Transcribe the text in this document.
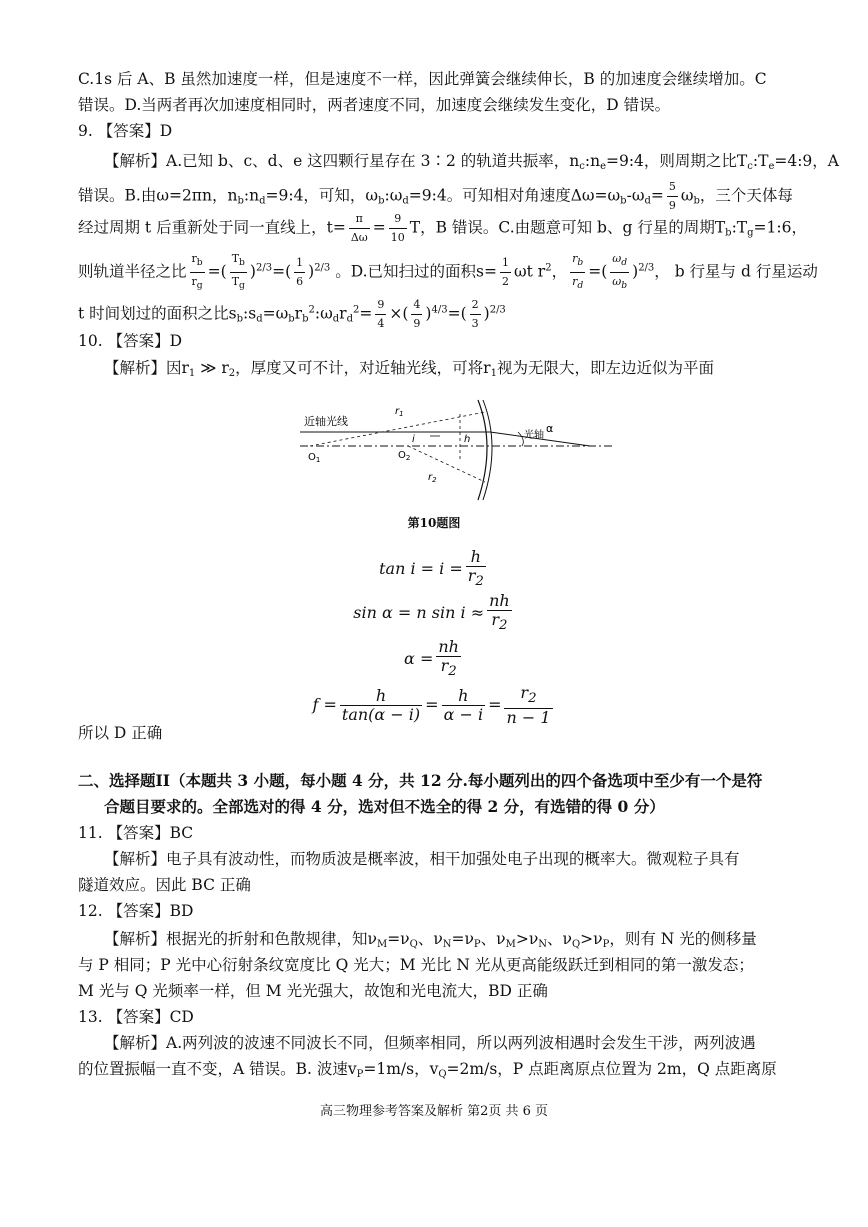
C.1s 后 A、B 虽然加速度一样，但是速度不一样，因此弹簧会继续伸长，B 的加速度会继续增加。C
错误。D.当两者再次加速度相同时，两者速度不同，加速度会继续发生变化，D 错误。
9. 【答案】D
【解析】A.已知 b、c、d、e 这四颗行星存在 3∶2 的轨道共振率，$n_c:n_e=9:4$，则周期之比$T_c:T_e=4:9$，A
错误。B.由ω=2πn，$n_b:n_d=9:4$，可知，$\omega_b:\omega_d=9:4$。可知相对角速度$\Delta\omega=\omega_b-\omega_d= \frac{5}{9} \omega_b$，三个天体每
经过周期 t 后重新处于同一直线上，$t= \frac{\pi}{\Delta\omega} = \frac{9}{10}$ T，B 错误。C.由题意可知 b、g 行星的周期$T_b:T_g=1:6$，
则轨道半径之比 $\frac{r_b}{r_g}$ =( $\frac{T_b}{T_g} )^{2/3}=( \frac{1}{6} )^{2/3}$ 。D.已知扫过的面积$s= \frac{1}{2}$ ωt $r^2$， $\frac{r_b}{r_d}$ =( $\frac{\omega_d}{\omega_b} )^{2/3}$， b 行星与 d 行星运动
t 时间划过的面积之比$s_b:s_d=\omega_br_b^2:\omega_dr_d^2= \frac{9}{4}$ ×( $\frac{4}{9} )^{4/3}=( \frac{2}{3} )^{2/3}$
10. 【答案】D
【解析】因$r_1$ ≫ $r_2$，厚度又可不计，对近轴光线，可将$r_1$视为无限大，即左边近似为平面
近轴光线
$r_1$
$r_2$
$O_1$	$O_2$
i	h	光轴
α
第10题图
$\tan i = i = \frac{h}{r_2}$
sin α = n $\sin i \approx \frac{nh}{r_2}$
$\alpha = \frac{nh}{r_2}$
$f = \frac{h}{\tan(\alpha - i)} = \frac{h}{\alpha - i} = \frac{r_2}{n - 1}$
所以 D 正确
二、选择题II（本题共 3 小题，每小题 4 分，共 12 分.每小题列出的四个备选项中至少有一个是符
合题目要求的。全部选对的得 4 分，选对但不选全的得 2 分，有选错的得 0 分）
11. 【答案】BC
【解析】电子具有波动性，而物质波是概率波，相干加强处电子出现的概率大。微观粒子具有
隧道效应。因此 BC 正确
12. 【答案】BD
【解析】根据光的折射和色散规律，知$\nu_M=\nu_Q$、$\nu_N=\nu_P$、$\nu_M>\nu_N$、$\nu_Q>\nu_P$，则有 N 光的侧移量
与 P 相同；P 光中心衍射条纹宽度比 Q 光大；M 光比 N 光从更高能级跃迁到相同的第一激发态；
M 光与 Q 光频率一样，但 M 光光强大，故饱和光电流大，BD 正确
13. 【答案】CD
【解析】A.两列波的波速不同波长不同，但频率相同，所以两列波相遇时会发生干涉，两列波遇
的位置振幅一直不变，A 错误。B. 波速$v_P=1m/s$，$v_Q=2m/s$，P 点距离原点位置为 2m，Q 点距离原
高三物理参考答案及解析 第2页 共 6 页
